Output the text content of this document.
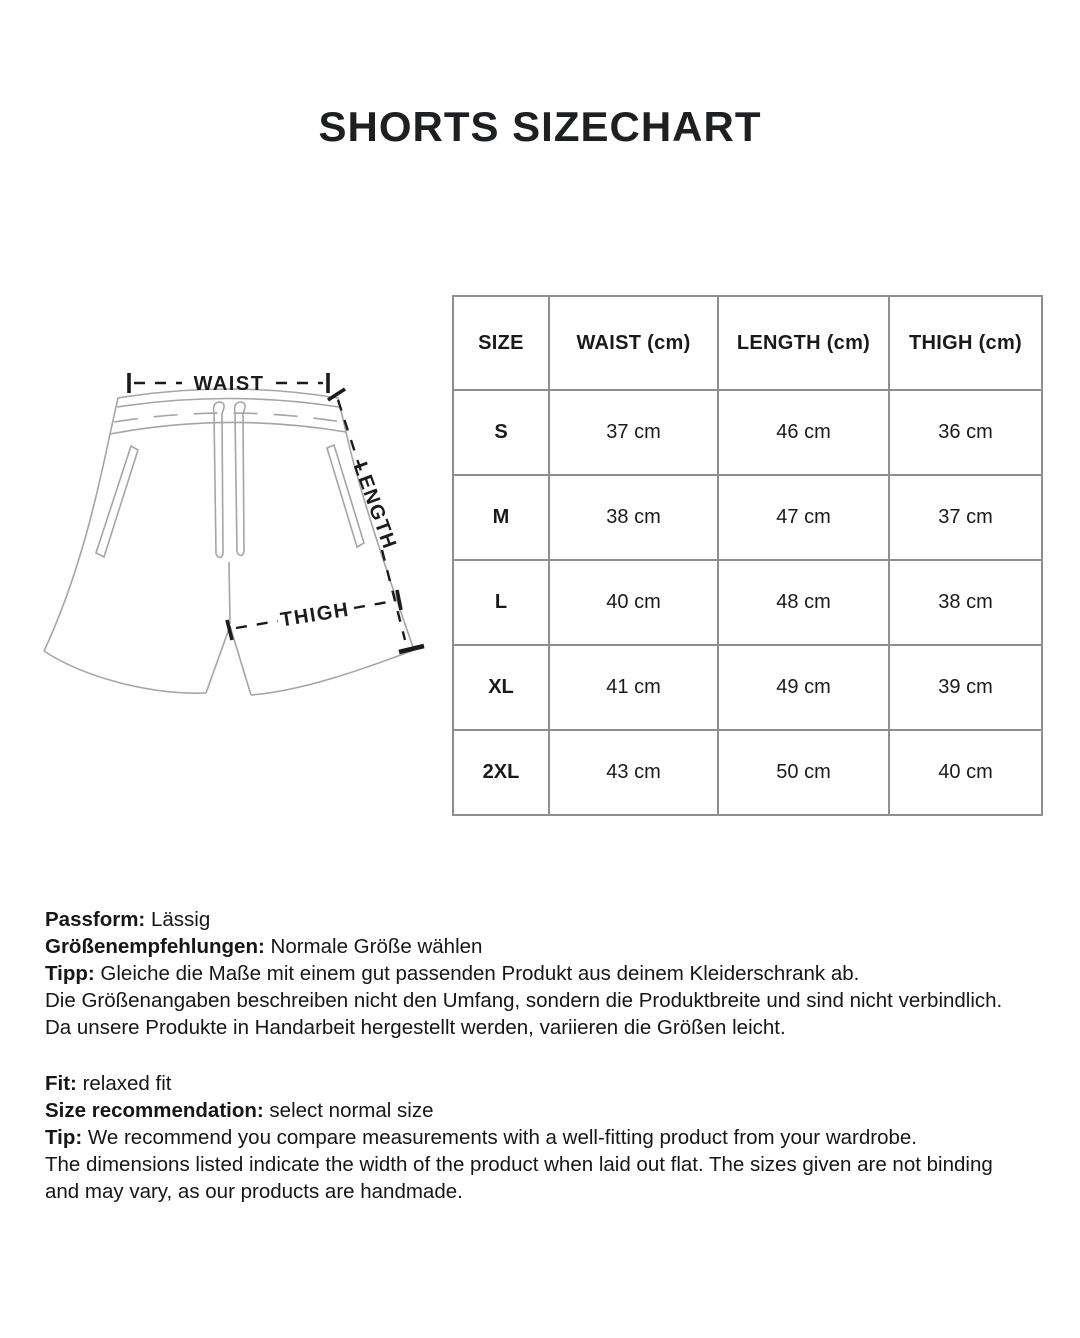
SHORTS SIZECHART
WAIST
LENGTH
THIGH
SIZE	WAIST (cm)	LENGTH (cm)	THIGH (cm)
S	37 cm	46 cm	36 cm
M	38 cm	47 cm	37 cm
L	40 cm	48 cm	38 cm
XL	41 cm	49 cm	39 cm
2XL	43 cm	50 cm	40 cm
Passform: Lässig
Größenempfehlungen: Normale Größe wählen
Tipp: Gleiche die Maße mit einem gut passenden Produkt aus deinem Kleiderschrank ab.
Die Größenangaben beschreiben nicht den Umfang, sondern die Produktbreite und sind nicht verbindlich.
Da unsere Produkte in Handarbeit hergestellt werden, variieren die Größen leicht.
Fit: relaxed fit
Size recommendation: select normal size
Tip: We recommend you compare measurements with a well-fitting product from your wardrobe.
The dimensions listed indicate the width of the product when laid out flat. The sizes given are not binding
and may vary, as our products are handmade.
